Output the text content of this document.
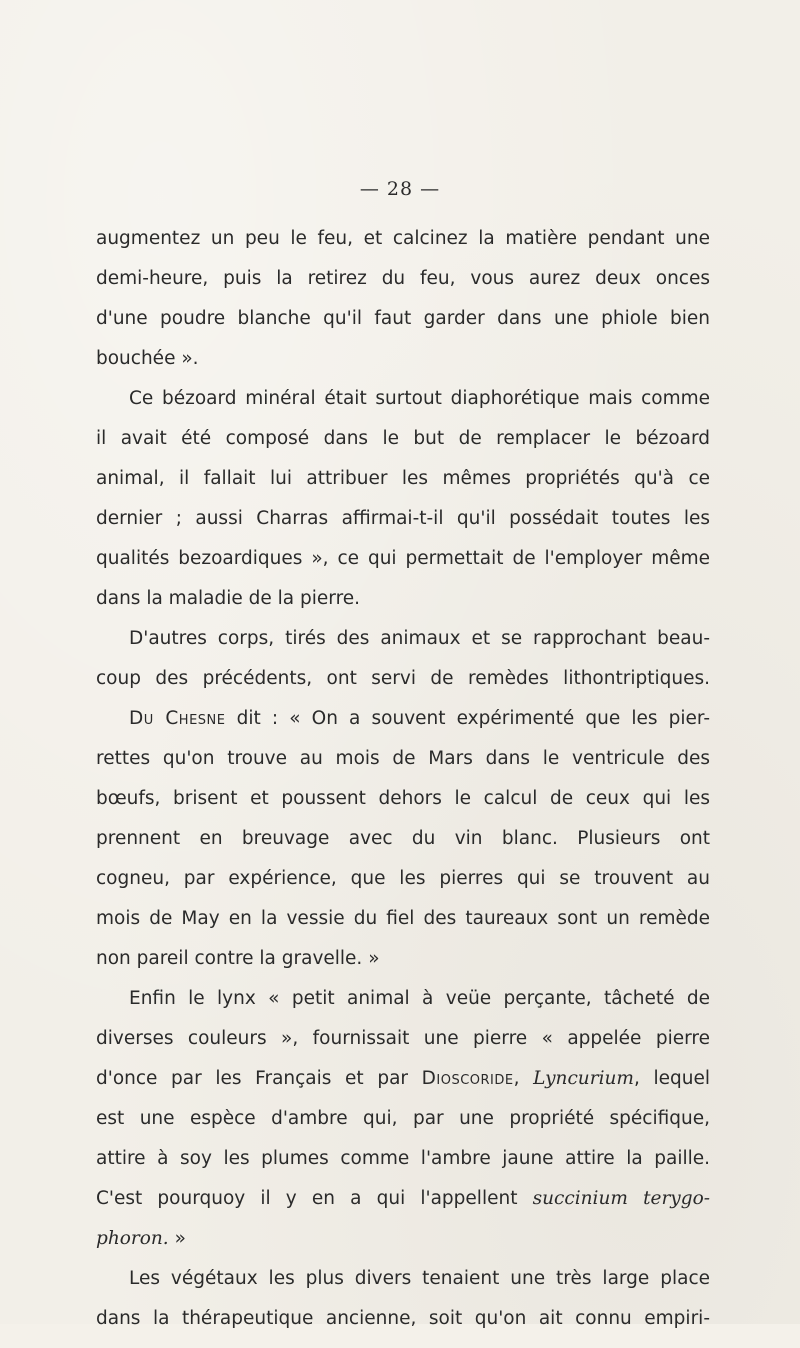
— 28 —
augmentez un peu le feu, et calcinez la matière pendant une
demi-heure, puis la retirez du feu, vous aurez deux onces
d'une poudre blanche qu'il faut garder dans une phiole bien
bouchée ».
Ce bézoard minéral était surtout diaphorétique mais comme
il avait été composé dans le but de remplacer le bézoard
animal, il fallait lui attribuer les mêmes propriétés qu'à ce
dernier ; aussi Charras affirmai-t-il qu'il possédait toutes les
qualités bezoardiques », ce qui permettait de l'employer même
dans la maladie de la pierre.
D'autres corps, tirés des animaux et se rapprochant beau-
coup des précédents, ont servi de remèdes lithontriptiques.
Du Chesne dit : « On a souvent expérimenté que les pier-
rettes qu'on trouve au mois de Mars dans le ventricule des
bœufs, brisent et poussent dehors le calcul de ceux qui les
prennent en breuvage avec du vin blanc. Plusieurs ont
cogneu, par expérience, que les pierres qui se trouvent au
mois de May en la vessie du fiel des taureaux sont un remède
non pareil contre la gravelle. »
Enfin le lynx « petit animal à veüe perçante, tâcheté de
diverses couleurs », fournissait une pierre « appelée pierre
d'once par les Français et par Dioscoride, Lyncurium, lequel
est une espèce d'ambre qui, par une propriété spécifique,
attire à soy les plumes comme l'ambre jaune attire la paille.
C'est pourquoy il y en a qui l'appellent succinium terygo-
phoron. »
Les végétaux les plus divers tenaient une très large place
dans la thérapeutique ancienne, soit qu'on ait connu empiri-
